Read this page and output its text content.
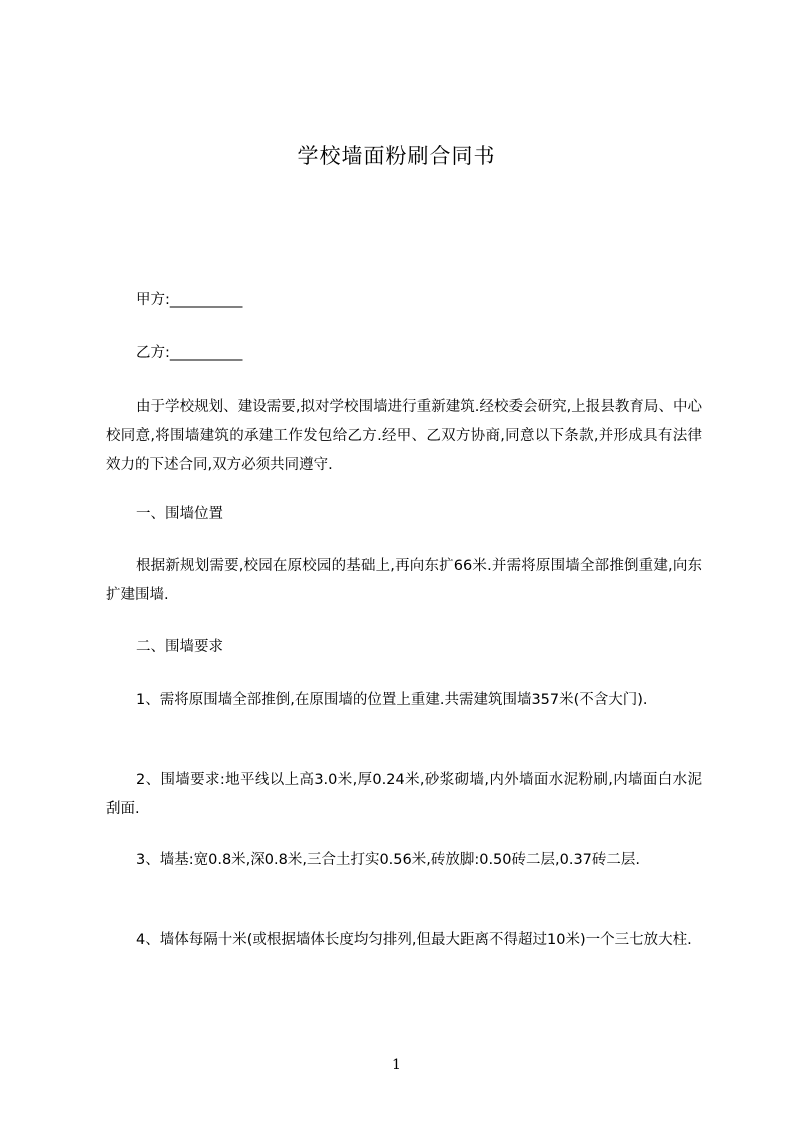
学校墙面粉刷合同书
甲方:__________
乙方:__________

由于学校规划、建设需要,拟对学校围墙进行重新建筑.经校委会研究,上报县教育局、中心校同意,将围墙建筑的承建工作发包给乙方.经甲、乙双方协商,同意以下条款,并形成具有法律效力的下述合同,双方必须共同遵守.

一、围墙位置

根据新规划需要,校园在原校园的基础上,再向东扩66米.并需将原围墙全部推倒重建,向东扩建围墙.

二、围墙要求

1、需将原围墙全部推倒,在原围墙的位置上重建.共需建筑围墙357米(不含大门).

2、围墙要求:地平线以上高3.0米,厚0.24米,砂浆砌墙,内外墙面水泥粉刷,内墙面白水泥刮面.

3、墙基:宽0.8米,深0.8米,三合土打实0.56米,砖放脚:0.50砖二层,0.37砖二层.

4、墙体每隔十米(或根据墙体长度均匀排列,但最大距离不得超过10米)一个三七放大柱.

1
